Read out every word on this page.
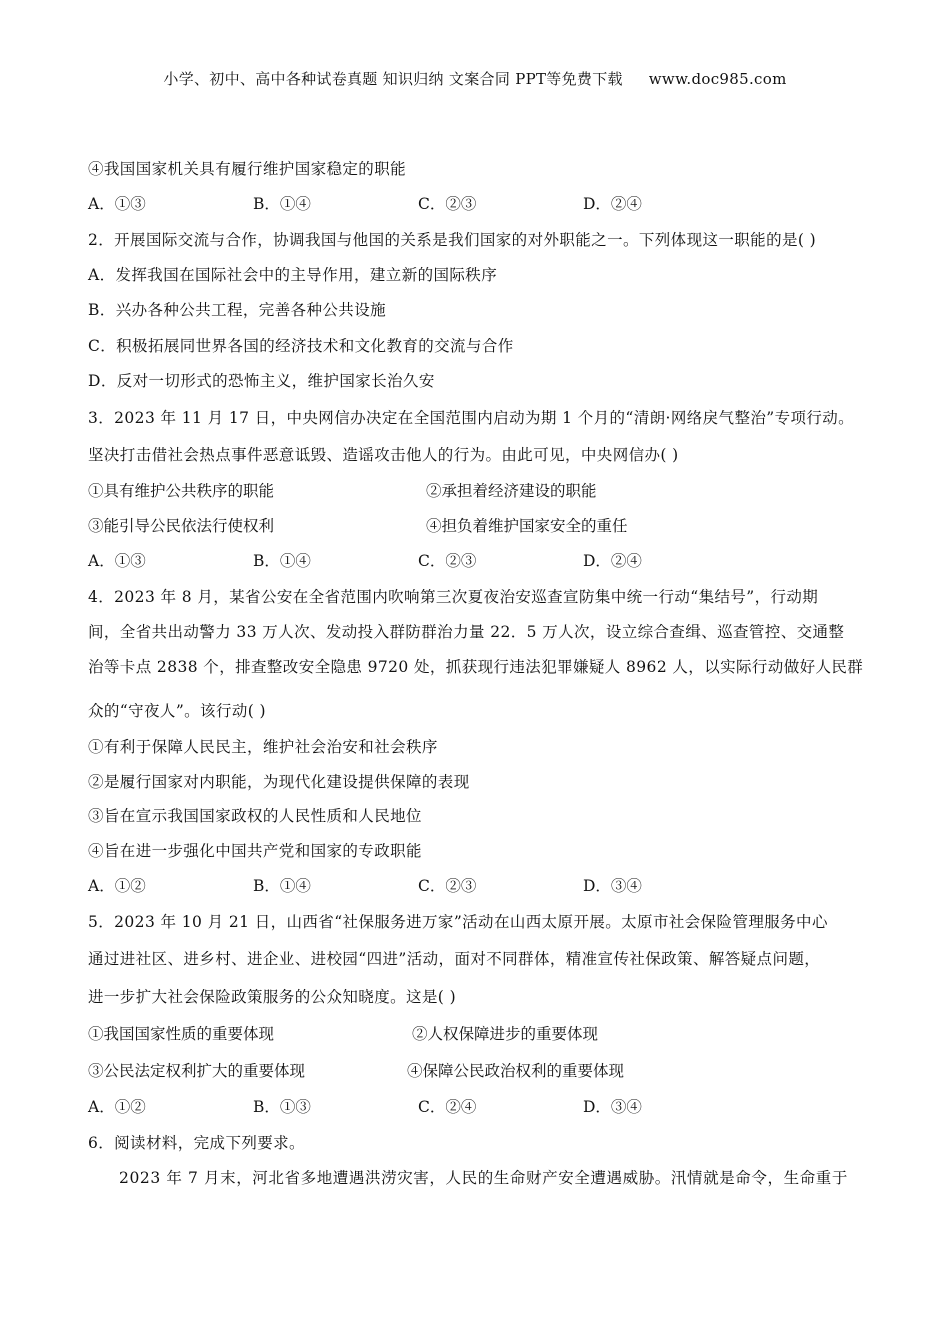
小学、初中、高中各种试卷真题 知识归纳 文案合同 PPT等免费下载 www.doc985.com
④我国国家机关具有履行维护国家稳定的职能
A．①③	B．①④	C．②③	D．②④
2．开展国际交流与合作，协调我国与他国的关系是我们国家的对外职能之一。下列体现这一职能的是( )
A．发挥我国在国际社会中的主导作用，建立新的国际秩序
B．兴办各种公共工程，完善各种公共设施
C．积极拓展同世界各国的经济技术和文化教育的交流与合作
D．反对一切形式的恐怖主义，维护国家长治久安
3．2023 年 11 月 17 日，中央网信办决定在全国范围内启动为期 1 个月的“清朗·网络戾气整治”专项行动。
坚决打击借社会热点事件恶意诋毁、造谣攻击他人的行为。由此可见，中央网信办( )
①具有维护公共秩序的职能	②承担着经济建设的职能
③能引导公民依法行使权利	④担负着维护国家安全的重任
A．①③	B．①④	C．②③	D．②④
4．2023 年 8 月，某省公安在全省范围内吹响第三次夏夜治安巡查宣防集中统一行动“集结号”，行动期
间，全省共出动警力 33 万人次、发动投入群防群治力量 22．5 万人次，设立综合查缉、巡查管控、交通整
治等卡点 2838 个，排查整改安全隐患 9720 处，抓获现行违法犯罪嫌疑人 8962 人，以实际行动做好人民群
众的“守夜人”。该行动( )
①有利于保障人民民主，维护社会治安和社会秩序
②是履行国家对内职能，为现代化建设提供保障的表现
③旨在宣示我国国家政权的人民性质和人民地位
④旨在进一步强化中国共产党和国家的专政职能
A．①②	B．①④	C．②③	D．③④
5．2023 年 10 月 21 日，山西省“社保服务进万家”活动在山西太原开展。太原市社会保险管理服务中心
通过进社区、进乡村、进企业、进校园“四进”活动，面对不同群体，精准宣传社保政策、解答疑点问题，
进一步扩大社会保险政策服务的公众知晓度。这是( )
①我国国家性质的重要体现	②人权保障进步的重要体现
③公民法定权利扩大的重要体现	④保障公民政治权利的重要体现
A．①②	B．①③	C．②④	D．③④
6．阅读材料，完成下列要求。
2023 年 7 月末，河北省多地遭遇洪涝灾害，人民的生命财产安全遭遇威胁。汛情就是命令，生命重于
